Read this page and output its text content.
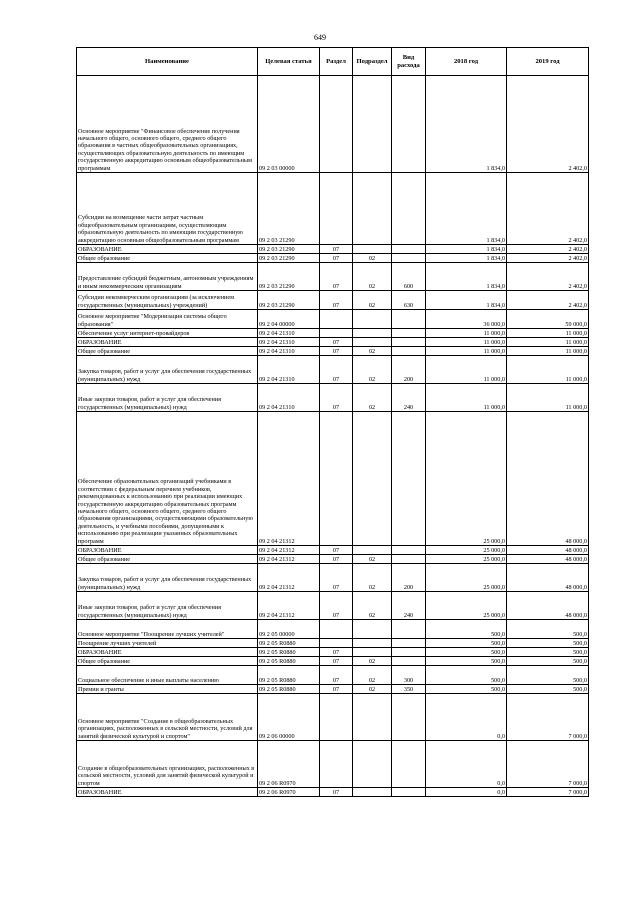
649
Наименование	Целевая статья	Раздел	Подраздел	Вид расхода	2018 год	2019 год
Основное мероприятие "Финансовое обеспечение получения начального общего, основного общего, среднего общего образования в частных общеобразовательных организациях, осуществляющих образовательную деятельность по имеющим государственную аккредитацию основным общеобразовательным программам	09 2 03 00000				1 834,0	2 402,0
Субсидии на возмещение части затрат частным общеобразовательным организациям, осуществляющим образовательную деятельность по имеющим государственную аккредитацию основным общеобразовательным программам	09 2 03 21290				1 834,0	2 402,0
ОБРАЗОВАНИЕ	09 2 03 21290	07			1 834,0	2 402,0
Общее образование	09 2 03 21290	07	02		1 834,0	2 402,0
Предоставление субсидий бюджетным, автономным учреждениям и иным некоммерческим организациям	09 2 03 21290	07	02	600	1 834,0	2 402,0
Субсидии некоммерческим организациям (за исключением государственных (муниципальных) учреждений)	09 2 03 21290	07	02	630	1 834,0	2 402,0
Основное мероприятие "Модернизация системы общего образования"	09 2 04 00000				36 000,0	59 000,0
Обеспечение услуг интернет-провайдеров	09 2 04 21310				11 000,0	11 000,0
ОБРАЗОВАНИЕ	09 2 04 21310	07			11 000,0	11 000,0
Общее образование	09 2 04 21310	07	02		11 000,0	11 000,0
Закупка товаров, работ и услуг для обеспечения государственных (муниципальных) нужд	09 2 04 21310	07	02	200	11 000,0	11 000,0
Иные закупки товаров, работ и услуг для обеспечения государственных (муниципальных) нужд	09 2 04 21310	07	02	240	11 000,0	11 000,0
Обеспечение образовательных организаций учебниками в соответствии с федеральным перечнем учебников, рекомендованных к использованию при реализации имеющих государственную аккредитацию образовательных программ начального общего, основного общего, среднего общего образования организациями, осуществляющими образовательную деятельность, и учебными пособиями, допущенными к использованию при реализации указанных образовательных программ	09 2 04 21312				25 000,0	48 000,0
ОБРАЗОВАНИЕ	09 2 04 21312	07			25 000,0	48 000,0
Общее образование	09 2 04 21312	07	02		25 000,0	48 000,0
Закупка товаров, работ и услуг для обеспечения государственных (муниципальных) нужд	09 2 04 21312	07	02	200	25 000,0	48 000,0
Иные закупки товаров, работ и услуг для обеспечения государственных (муниципальных) нужд	09 2 04 21312	07	02	240	25 000,0	48 000,0
Основное мероприятие "Поощрение лучших учителей"	09 2 05 00000				500,0	500,0
Поощрение лучших учителей	09 2 05 R0880				500,0	500,0
ОБРАЗОВАНИЕ	09 2 05 R0880	07			500,0	500,0
Общее образование	09 2 05 R0880	07	02		500,0	500,0
Социальное обеспечение и иные выплаты населению	09 2 05 R0880	07	02	300	500,0	500,0
Премии и гранты	09 2 05 R0880	07	02	350	500,0	500,0
Основное мероприятие "Создание в общеобразовательных организациях, расположенных в сельской местности, условий для занятий физической культурой и спортом"	09 2 06 00000				0,0	7 000,0
Создание в общеобразовательных организациях, расположенных в сельской местности, условий для занятий физической культурой и спортом	09 2 06 R0970				0,0	7 000,0
ОБРАЗОВАНИЕ	09 2 06 R0970	07			0,0	7 000,0
